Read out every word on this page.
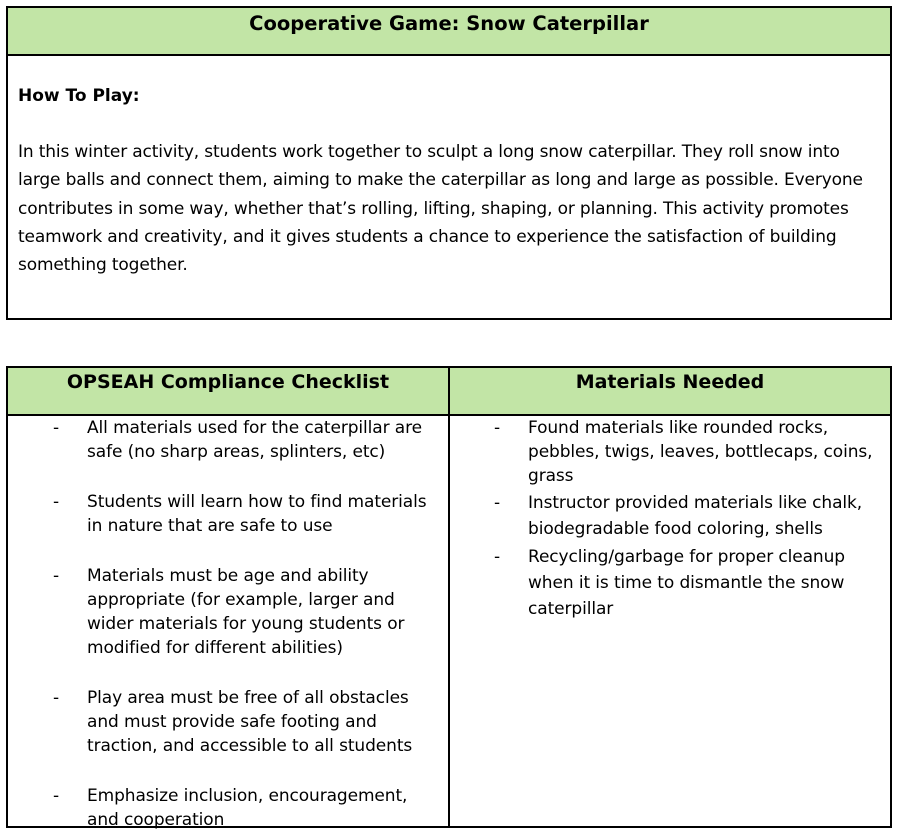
Cooperative Game: Snow Caterpillar

How To Play:

In this winter activity, students work together to sculpt a long snow caterpillar. They roll snow into large balls and connect them, aiming to make the caterpillar as long and large as possible. Everyone contributes in some way, whether that’s rolling, lifting, shaping, or planning. This activity promotes teamwork and creativity, and it gives students a chance to experience the satisfaction of building something together.

OPSEAH Compliance Checklist
- All materials used for the caterpillar are safe (no sharp areas, splinters, etc)
- Students will learn how to find materials in nature that are safe to use
- Materials must be age and ability appropriate (for example, larger and wider materials for young students or modified for different abilities)
- Play area must be free of all obstacles and must provide safe footing and traction, and accessible to all students
- Emphasize inclusion, encouragement, and cooperation
Materials Needed
- Found materials like rounded rocks, pebbles, twigs, leaves, bottlecaps, coins, grass
- Instructor provided materials like chalk, biodegradable food coloring, shells
- Recycling/garbage for proper cleanup when it is time to dismantle the snow caterpillar
